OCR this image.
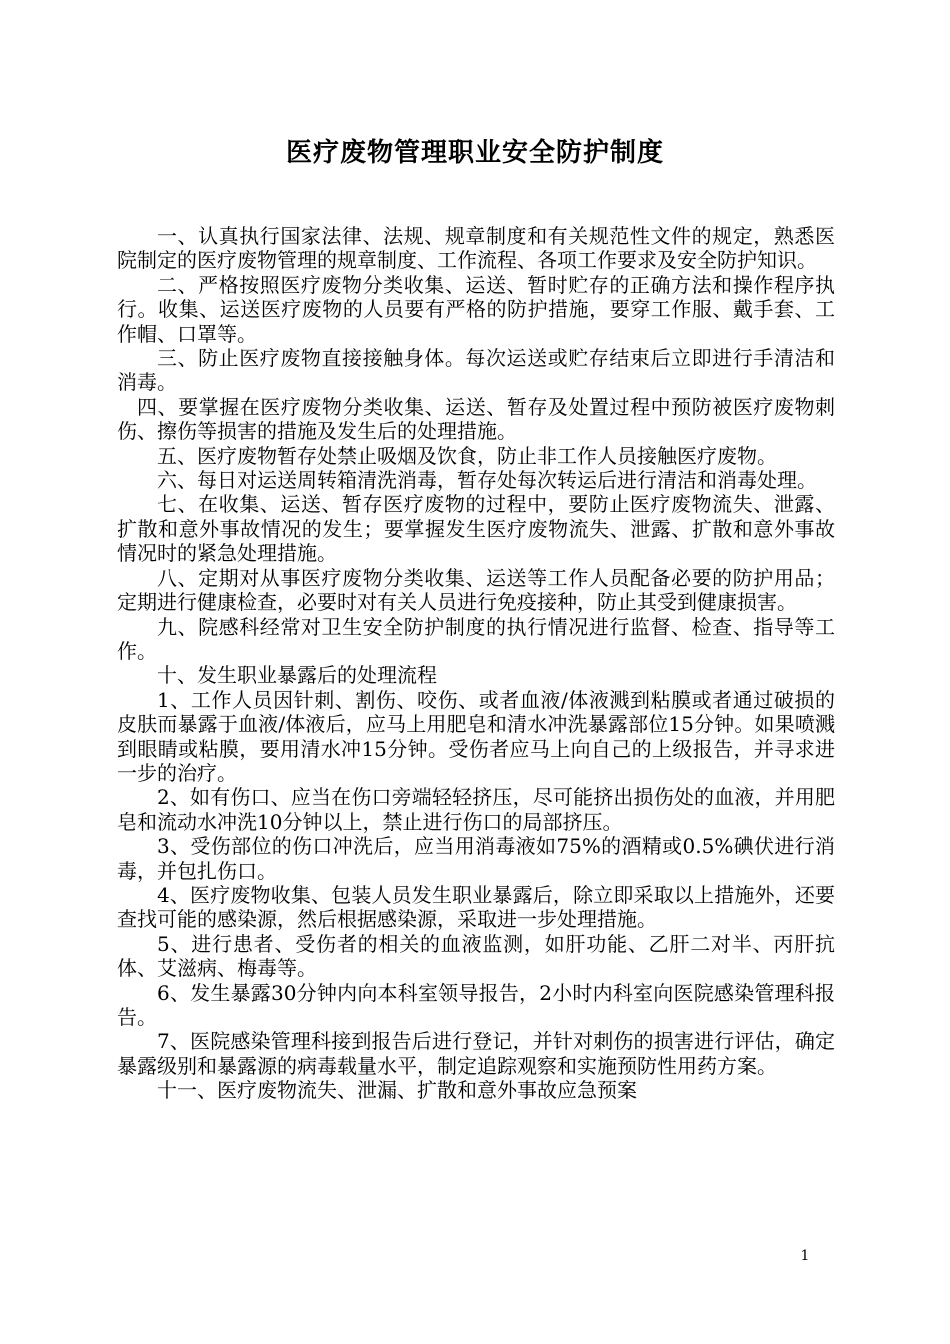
医疗废物管理职业安全防护制度

一、认真执行国家法律、法规、规章制度和有关规范性文件的规定，熟悉医院制定的医疗废物管理的规章制度、工作流程、各项工作要求及安全防护知识。

二、严格按照医疗废物分类收集、运送、暂时贮存的正确方法和操作程序执行。收集、运送医疗废物的人员要有严格的防护措施，要穿工作服、戴手套、工作帽、口罩等。

三、防止医疗废物直接接触身体。每次运送或贮存结束后立即进行手清洁和消毒。

四、要掌握在医疗废物分类收集、运送、暂存及处置过程中预防被医疗废物刺伤、擦伤等损害的措施及发生后的处理措施。

五、医疗废物暂存处禁止吸烟及饮食，防止非工作人员接触医疗废物。

六、每日对运送周转箱清洗消毒，暂存处每次转运后进行清洁和消毒处理。

七、在收集、运送、暂存医疗废物的过程中，要防止医疗废物流失、泄露、扩散和意外事故情况的发生；要掌握发生医疗废物流失、泄露、扩散和意外事故情况时的紧急处理措施。

八、定期对从事医疗废物分类收集、运送等工作人员配备必要的防护用品；定期进行健康检查，必要时对有关人员进行免疫接种，防止其受到健康损害。

九、院感科经常对卫生安全防护制度的执行情况进行监督、检查、指导等工作。

十、发生职业暴露后的处理流程

1、工作人员因针刺、割伤、咬伤、或者血液/体液溅到粘膜或者通过破损的皮肤而暴露于血液/体液后，应马上用肥皂和清水冲洗暴露部位15分钟。如果喷溅到眼睛或粘膜，要用清水冲15分钟。受伤者应马上向自己的上级报告，并寻求进一步的治疗。

2、如有伤口、应当在伤口旁端轻轻挤压，尽可能挤出损伤处的血液，并用肥皂和流动水冲洗10分钟以上，禁止进行伤口的局部挤压。

3、受伤部位的伤口冲洗后，应当用消毒液如75%的酒精或0.5%碘伏进行消毒，并包扎伤口。

4、医疗废物收集、包装人员发生职业暴露后，除立即采取以上措施外，还要查找可能的感染源，然后根据感染源，采取进一步处理措施。

5、进行患者、受伤者的相关的血液监测，如肝功能、乙肝二对半、丙肝抗体、艾滋病、梅毒等。

6、发生暴露30分钟内向本科室领导报告，2小时内科室向医院感染管理科报告。

7、医院感染管理科接到报告后进行登记，并针对刺伤的损害进行评估，确定暴露级别和暴露源的病毒载量水平，制定追踪观察和实施预防性用药方案。

十一、医疗废物流失、泄漏、扩散和意外事故应急预案

1
